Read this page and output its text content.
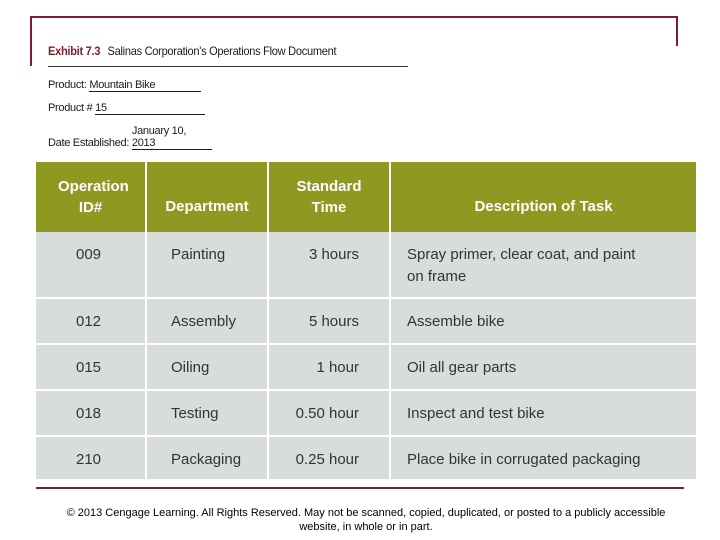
Exhibit 7.3 Salinas Corporation's Operations Flow Document
Product: Mountain Bike
Product # 15
Date Established: January 10, 2013
Operation ID#	Department	Standard Time	Description of Task
009	Painting	3 hours	Spray primer, clear coat, and paint on frame
012	Assembly	5 hours	Assemble bike
015	Oiling	1 hour	Oil all gear parts
018	Testing	0.50 hour	Inspect and test bike
210	Packaging	0.25 hour	Place bike in corrugated packaging
© 2013 Cengage Learning. All Rights Reserved. May not be scanned, copied, duplicated, or posted to a publicly accessible website, in whole or in part.
